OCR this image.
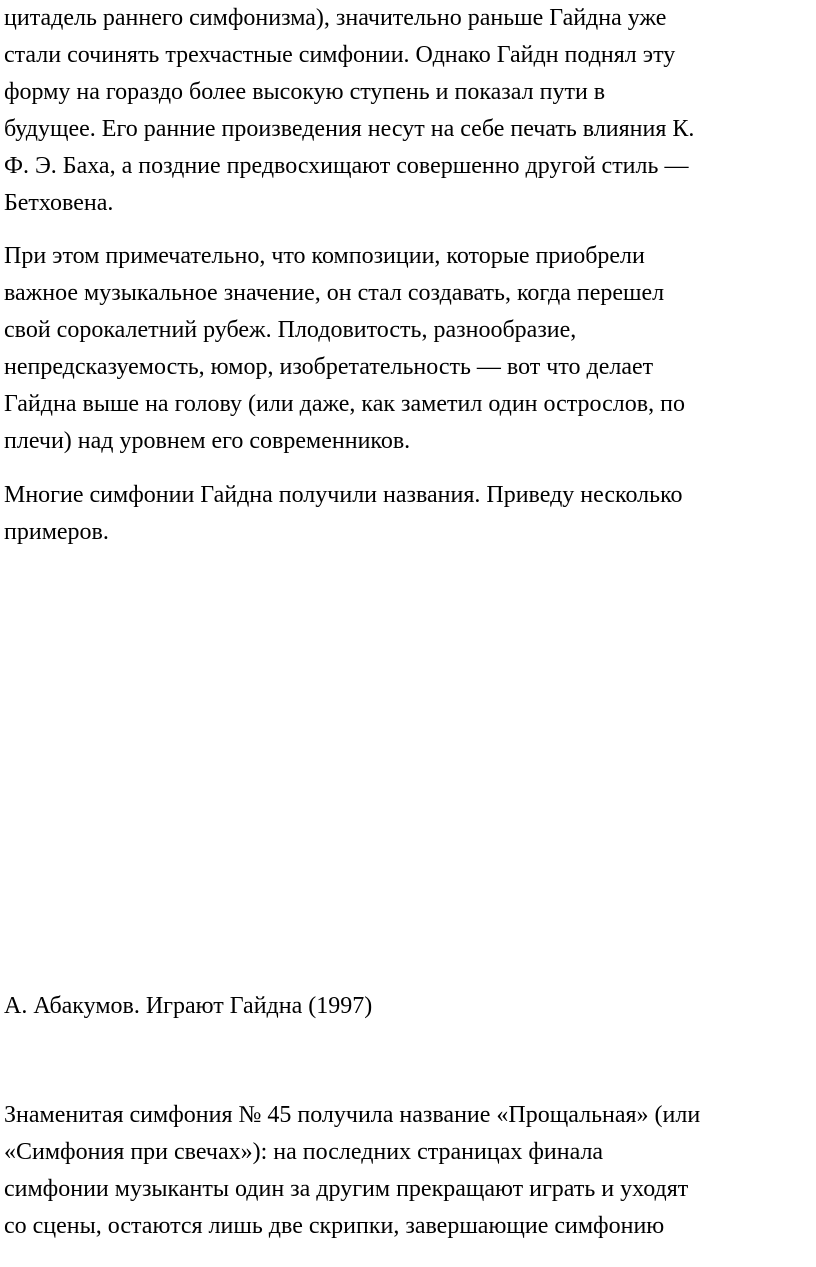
цитадель раннего симфонизма), значительно раньше Гайдна уже
стали сочинять трехчастные симфонии. Однако Гайдн поднял эту
форму на гораздо более высокую ступень и показал пути в
будущее. Его ранние произведения несут на себе печать влияния К.
Ф. Э. Баха, а поздние предвосхищают совершенно другой стиль —
Бетховена.

При этом примечательно, что композиции, которые приобрели
важное музыкальное значение, он стал создавать, когда перешел
свой сорокалетний рубеж. Плодовитость, разнообразие,
непредсказуемость, юмор, изобретательность — вот что делает
Гайдна выше на голову (или даже, как заметил один острослов, по
плечи) над уровнем его современников.

Многие симфонии Гайдна получили названия. Приведу несколько
примеров.

А. Абакумов. Играют Гайдна (1997)

Знаменитая симфония № 45 получила название «Прощальная» (или
«Симфония при свечах»): на последних страницах финала
симфонии музыканты один за другим прекращают играть и уходят
со сцены, остаются лишь две скрипки, завершающие симфонию
